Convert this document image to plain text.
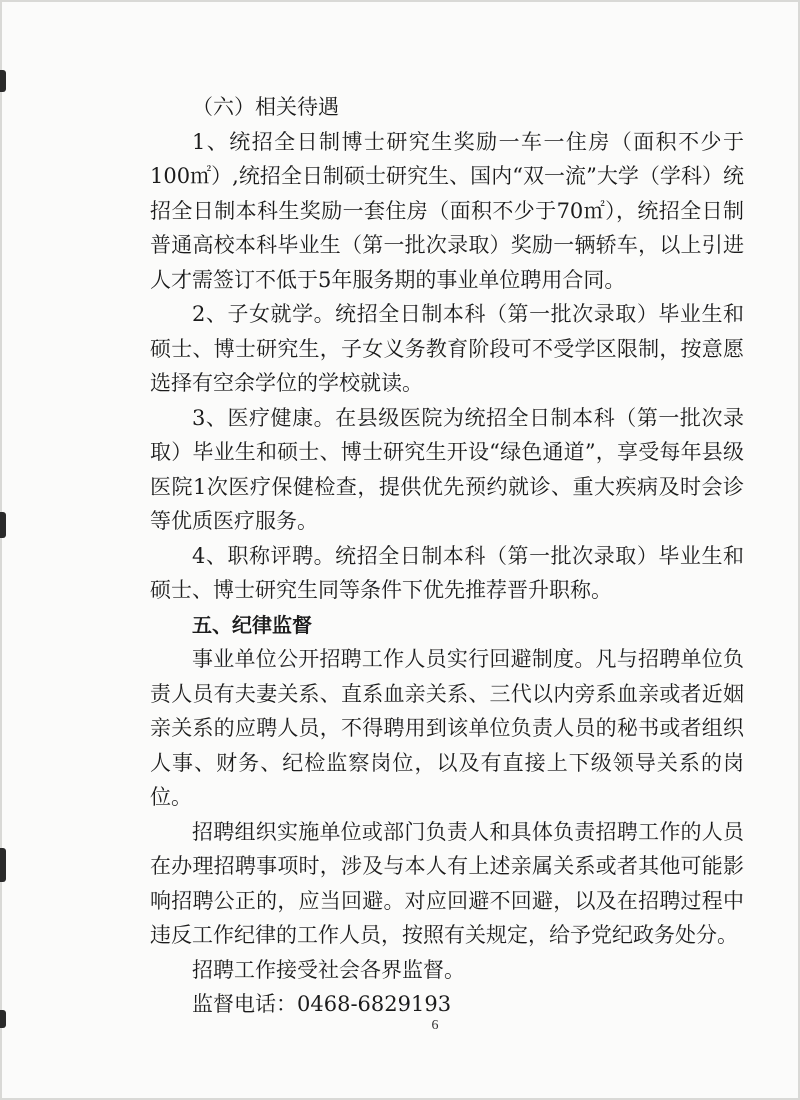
（六）相关待遇

1、统招全日制博士研究生奖励一车一住房（面积不少于100㎡）,统招全日制硕士研究生、国内“双一流”大学（学科）统招全日制本科生奖励一套住房（面积不少于70㎡），统招全日制普通高校本科毕业生（第一批次录取）奖励一辆轿车，以上引进人才需签订不低于5年服务期的事业单位聘用合同。

2、子女就学。统招全日制本科（第一批次录取）毕业生和硕士、博士研究生，子女义务教育阶段可不受学区限制，按意愿选择有空余学位的学校就读。

3、医疗健康。在县级医院为统招全日制本科（第一批次录取）毕业生和硕士、博士研究生开设“绿色通道”，享受每年县级医院1次医疗保健检查，提供优先预约就诊、重大疾病及时会诊等优质医疗服务。

4、职称评聘。统招全日制本科（第一批次录取）毕业生和硕士、博士研究生同等条件下优先推荐晋升职称。

五、纪律监督

事业单位公开招聘工作人员实行回避制度。凡与招聘单位负责人员有夫妻关系、直系血亲关系、三代以内旁系血亲或者近姻亲关系的应聘人员，不得聘用到该单位负责人员的秘书或者组织人事、财务、纪检监察岗位，以及有直接上下级领导关系的岗位。

招聘组织实施单位或部门负责人和具体负责招聘工作的人员在办理招聘事项时，涉及与本人有上述亲属关系或者其他可能影响招聘公正的，应当回避。对应回避不回避，以及在招聘过程中违反工作纪律的工作人员，按照有关规定，给予党纪政务处分。

招聘工作接受社会各界监督。

监督电话：0468-6829193

6
